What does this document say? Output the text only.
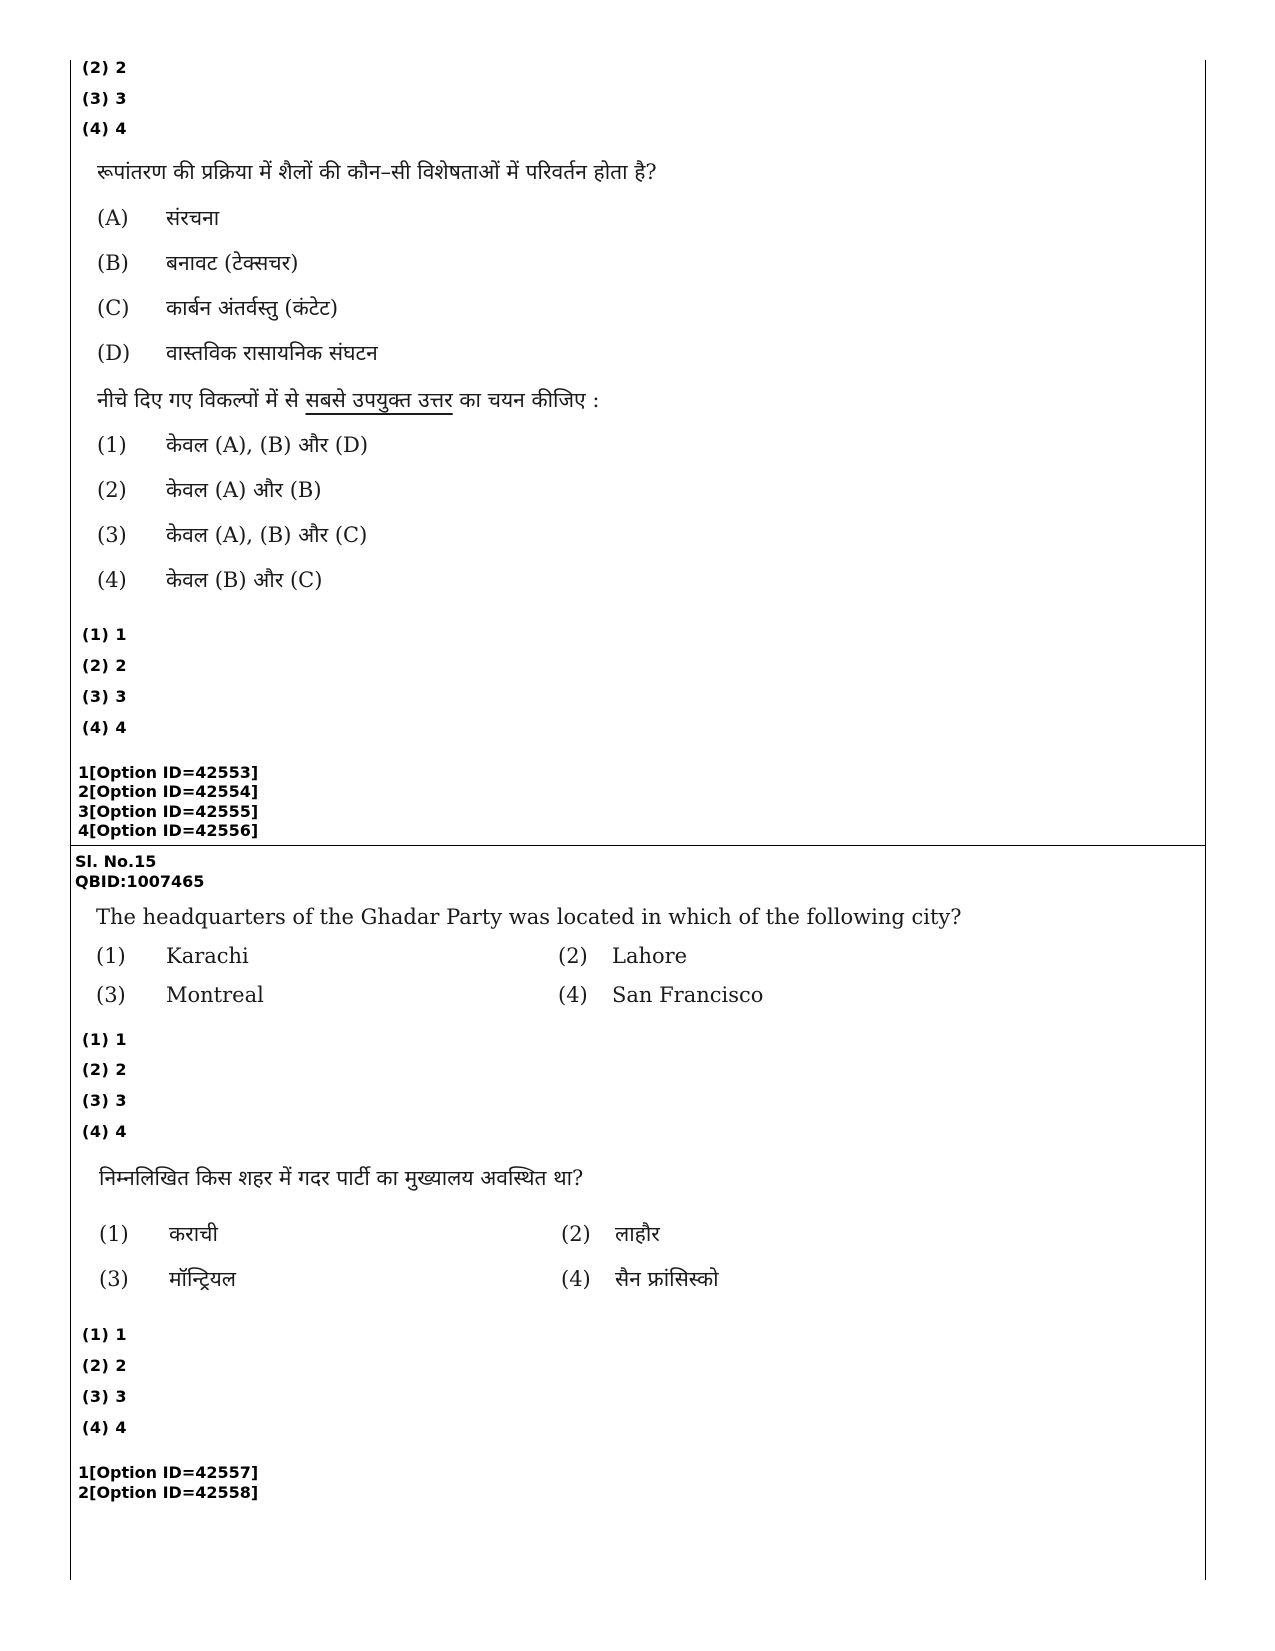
(2) 2
(3) 3
(4) 4
रूपांतरण की प्रक्रिया में शैलों की कौन–सी विशेषताओं में परिवर्तन होता है?
(A) संरचना
(B) बनावट (टेक्सचर)
(C) कार्बन अंतर्वस्तु (कंटेट)
(D) वास्तविक रासायनिक संघटन
नीचे दिए गए विकल्पों में से सबसे उपयुक्त उत्तर का चयन कीजिए :
(1) केवल (A), (B) और (D)
(2) केवल (A) और (B)
(3) केवल (A), (B) और (C)
(4) केवल (B) और (C)
(1) 1
(2) 2
(3) 3
(4) 4
1[Option ID=42553]
2[Option ID=42554]
3[Option ID=42555]
4[Option ID=42556]
Sl. No.15
QBID:1007465
The headquarters of the Ghadar Party was located in which of the following city?
(1) Karachi	(2) Lahore
(3) Montreal	(4) San Francisco
(1) 1
(2) 2
(3) 3
(4) 4
निम्नलिखित किस शहर में गदर पार्टी का मुख्यालय अवस्थित था?
(1) कराची	(2) लाहौर
(3) मॉन्ट्रियल	(4) सैन फ्रांसिस्को
(1) 1
(2) 2
(3) 3
(4) 4
1[Option ID=42557]
2[Option ID=42558]
